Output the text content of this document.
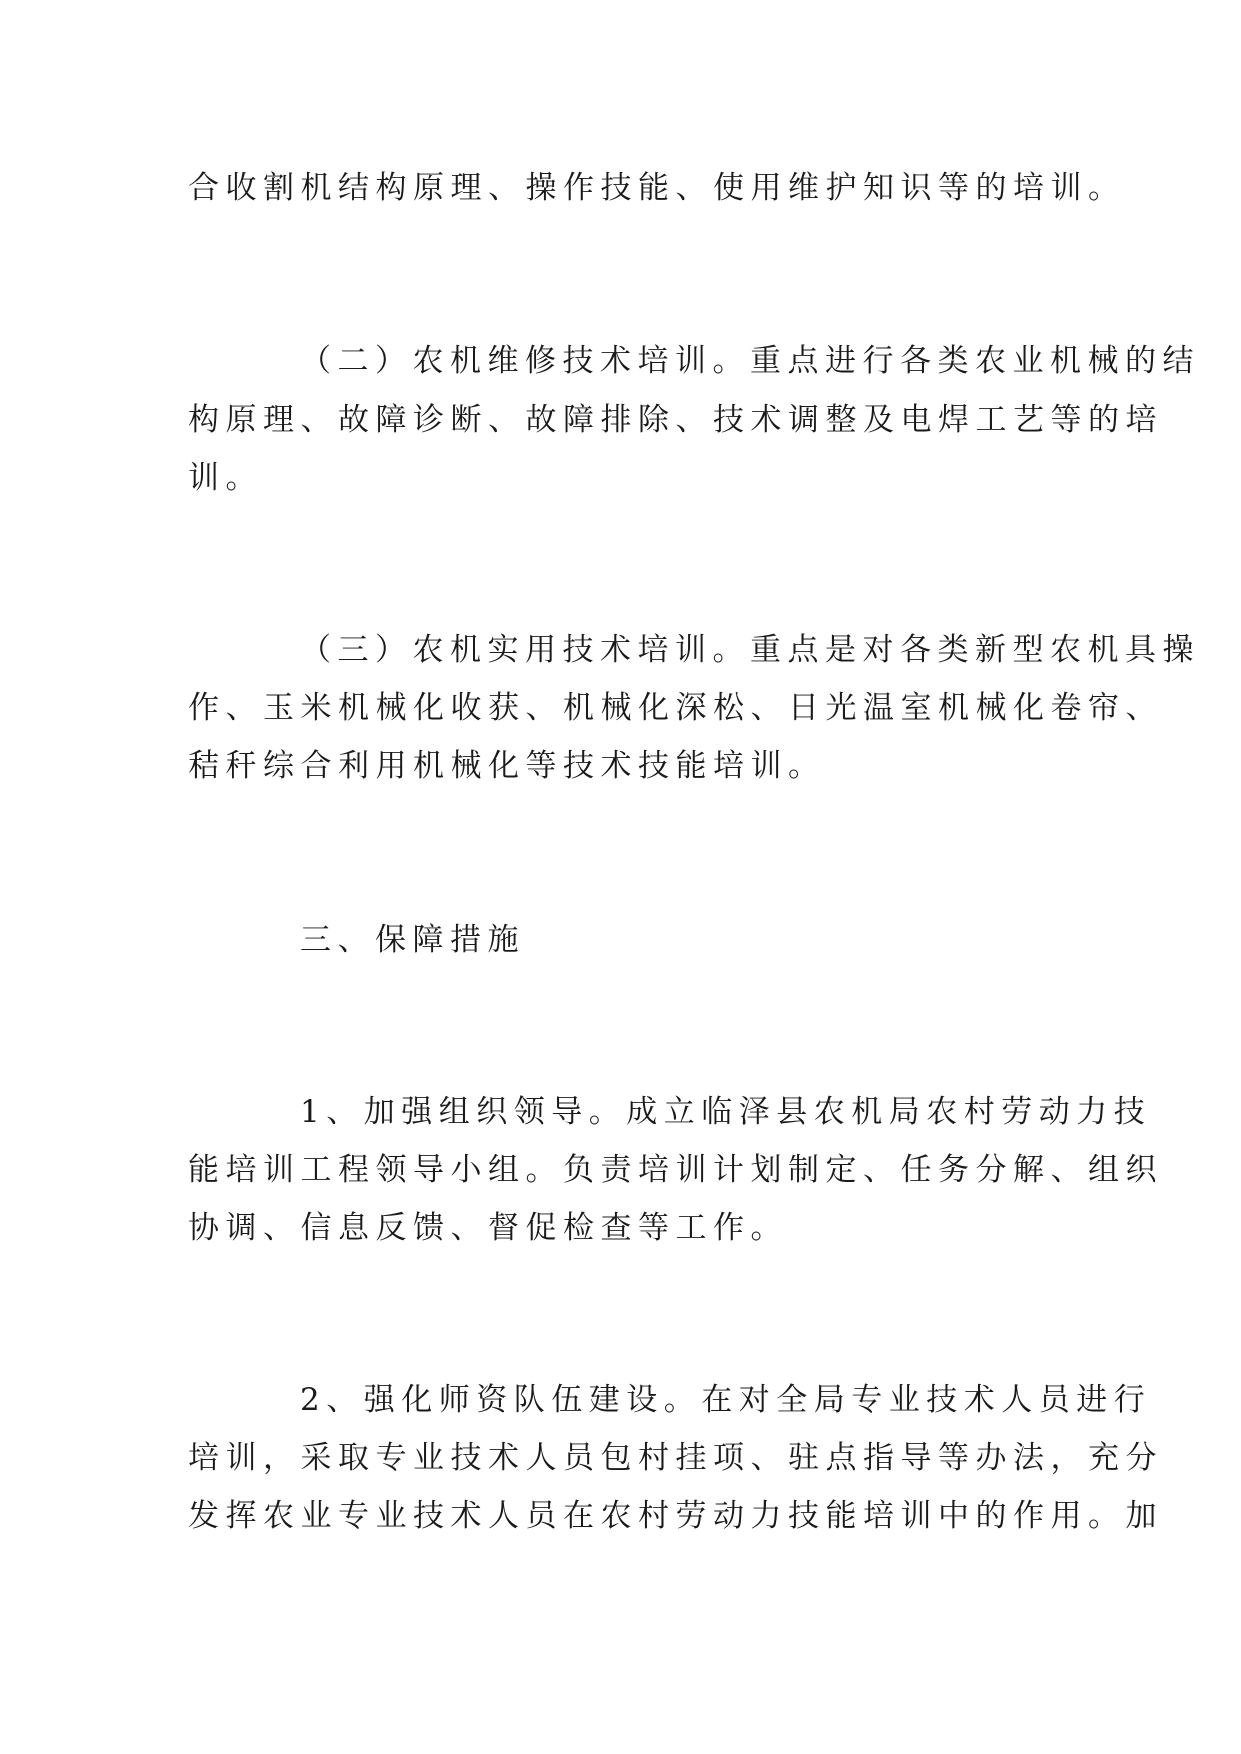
合收割机结构原理、操作技能、使用维护知识等的培训。
（二）农机维修技术培训。重点进行各类农业机械的结
构原理、故障诊断、故障排除、技术调整及电焊工艺等的培
训。
（三）农机实用技术培训。重点是对各类新型农机具操
作、玉米机械化收获、机械化深松、日光温室机械化卷帘、
秸秆综合利用机械化等技术技能培训。
三、保障措施
1、加强组织领导。成立临泽县农机局农村劳动力技
能培训工程领导小组。负责培训计划制定、任务分解、组织
协调、信息反馈、督促检查等工作。
2、强化师资队伍建设。在对全局专业技术人员进行
培训，采取专业技术人员包村挂项、驻点指导等办法，充分
发挥农业专业技术人员在农村劳动力技能培训中的作用。加
